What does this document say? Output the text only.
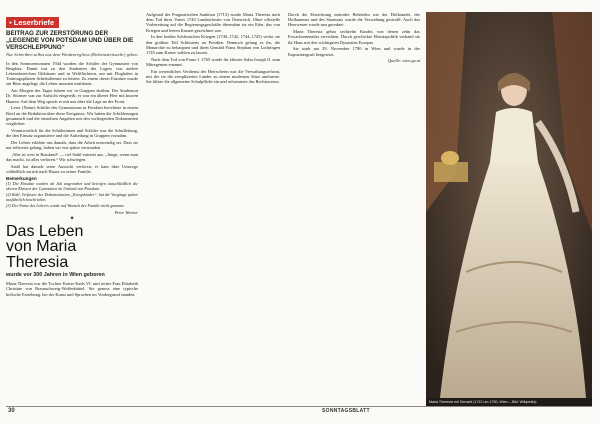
▪ Leserbriefe
BEITRAG ZUR ZERSTÖRUNG DER „LEGENDE VON POTSDAM UND ÜBER DIE VERSCHLEPPUNG“
Nur Schreiben selbst aus dem Windenregliess (Riebenstreiswehr) gehen

In den Sommermonaten 1944 wurden die Schüler der Gymnasien von Beuplatz. Damit trat zu den Studenten des Lagers von andere Lebensbereichen Glöhäuser und in Weltflüchtern, um mit Flughafen in Trainingsplätzen Arbeitsdienste zu leisten. Zu einem dieser Einsätze wurde ein Büro angelegt; die Lehrer mussten mitfahren.

Am Morgen des Tages fuhren wir in Gruppen dorthin. Der Studienrat Dr. Stürmer war zur Aufsicht eingeteilt; er war ein älterer Herr mit kurzen Haaren. Auf dem Weg sprach er mit uns über die Lage an der Front.

Leser (Name) Schüler des Gymnasiums in Potsdam berichtete in einem Brief an die Redaktion über diese Ereignisse. Wir haben die Schilderungen gesammelt und die einzelnen Angaben mit den vorliegenden Dokumenten verglichen.

Verantwortlich für die Schülerinnen und Schüler war die Schulleitung, die den Einsatz organisierte und die Aufteilung in Gruppen vornahm.

Der Lehrer erklärte uns damals, dass die Arbeit notwendig sei. Dass sie nur teilweise gelang, haben wir erst später verstanden.

„Was ist wert in Russland“ — rief Stahl entsetzt aus. „Junge, wenn man das macht, ist alles verloren.“ Wir schwiegen.

Stahl hat damals seine Aussicht verloren; er kam über Umwege schließlich zurück nach Hause zu seiner Familie.

Bemerkungen

(1) Die Einsätze wurden ab Juli angeordnet und betrafen ausschließlich die oberen Klassen der Gymnasien im Umland von Potsdam.

(2) Röhl, Verfasser der Dokumentation „Kriegskinder“, hat die Vorgänge später ausführlich beschrieben.

(3) Der Name des Lehrers wurde auf Wunsch der Familie nicht genannt.

Peter Werner
✦
Das Leben
von Maria Theresia
wurde vor 300 Jahren in Wien geboren

Maria Theresia war die Tochter Kaiser Karls VI. und seiner Frau Elisabeth Christine von Braunschweig-Wolfenbüttel. Sie genoss eine typische höfische Erziehung, bei der Kunst und Sprachen im Vordergrund standen.

Aufgrund der Pragmatischen Sanktion (1713) wurde Maria Theresia nach dem Tod ihres Vaters 1740 Landesfürstin von Österreich. Ohne offizielle Vorbereitung auf die Regierungsgeschäfte übernahm sie ein Erbe, das von Kriegen und leeren Kassen gezeichnet war.

In den beiden Schlesischen Kriegen (1740–1742, 1744–1745) verlor sie den größten Teil Schlesiens an Preußen. Dennoch gelang es ihr, die Monarchie zu behaupten und ihren Gemahl Franz Stephan von Lothringen 1745 zum Kaiser wählen zu lassen.

Nach dem Tod von Franz I. 1765 wurde ihr ältester Sohn Joseph II. zum Mitregenten ernannt.

Ein wesentliches Verdienst der Herrscherin war die Verwaltungsreform, mit der sie die zersplitterten Länder zu einem modernen Staat umformte. Sie führte die allgemeine Schulpflicht ein und reformierte das Rechtswesen.

Durch die Einrichtung zentraler Behörden wie der Hofkanzlei, der Hofkammer und des Staatsrats wurde die Verwaltung gestrafft. Auch das Heerwesen wurde neu geordnet.

Maria Theresia gebar sechzehn Kinder, von denen zehn das Erwachsenenalter erreichten. Durch geschickte Heiratspolitik verband sie ihr Haus mit den wichtigsten Dynastien Europas.

Sie starb am 29. November 1780 in Wien und wurde in der Kapuzinergruft beigesetzt.

Quelle: wien.gv.at
Maria Theresia mit Gemahl (1742 um 1750, Wien – Bild: Wikipedia)
30	SONNTAGSBLATT
